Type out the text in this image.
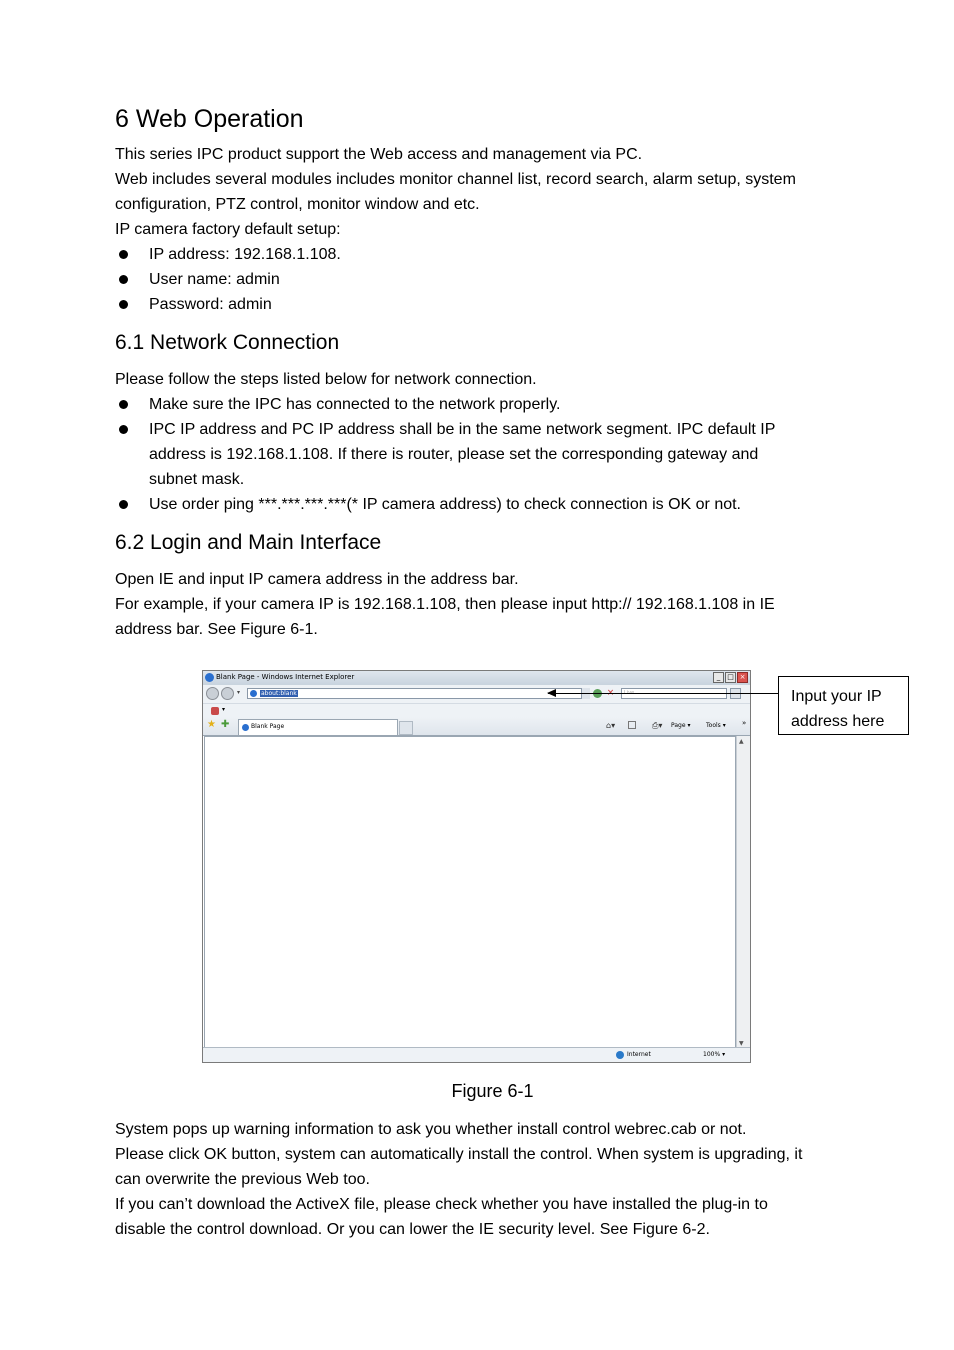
6 Web Operation

This series IPC product support the Web access and management via PC.

Web includes several modules includes monitor channel list, record search, alarm setup, system

configuration, PTZ control, monitor window and etc.

IP camera factory default setup:

IP address: 192.168.1.108.
User name: admin
Password: admin
6.1 Network Connection

Please follow the steps listed below for network connection.

Make sure the IPC has connected to the network properly.
IPC IP address and PC IP address shall be in the same network segment. IPC default IP
address is 192.168.1.108. If there is router, please set the corresponding gateway and
subnet mask.
Use order ping ***.***.***.***(* IP camera address) to check connection is OK or not.
6.2 Login and Main Interface

Open IE and input IP camera address in the address bar.

For example, if your camera IP is 192.168.1.108, then please input http:// 192.168.1.108 in IE

address bar. See Figure 6-1.

Blank Page - Windows Internet Explorer	_ □ ×
▾	about:blank
▾
★ ✚	Blank Page	⌂▾	⎙▾ Page ▾	Tools ▾ »
▲
▼
Internet	100% ▾
Input your IP
address here
Figure 6-1

System pops up warning information to ask you whether install control webrec.cab or not.

Please click OK button, system can automatically install the control. When system is upgrading, it

can overwrite the previous Web too.

If you can’t download the ActiveX file, please check whether you have installed the plug-in to

disable the control download. Or you can lower the IE security level. See Figure 6-2.
